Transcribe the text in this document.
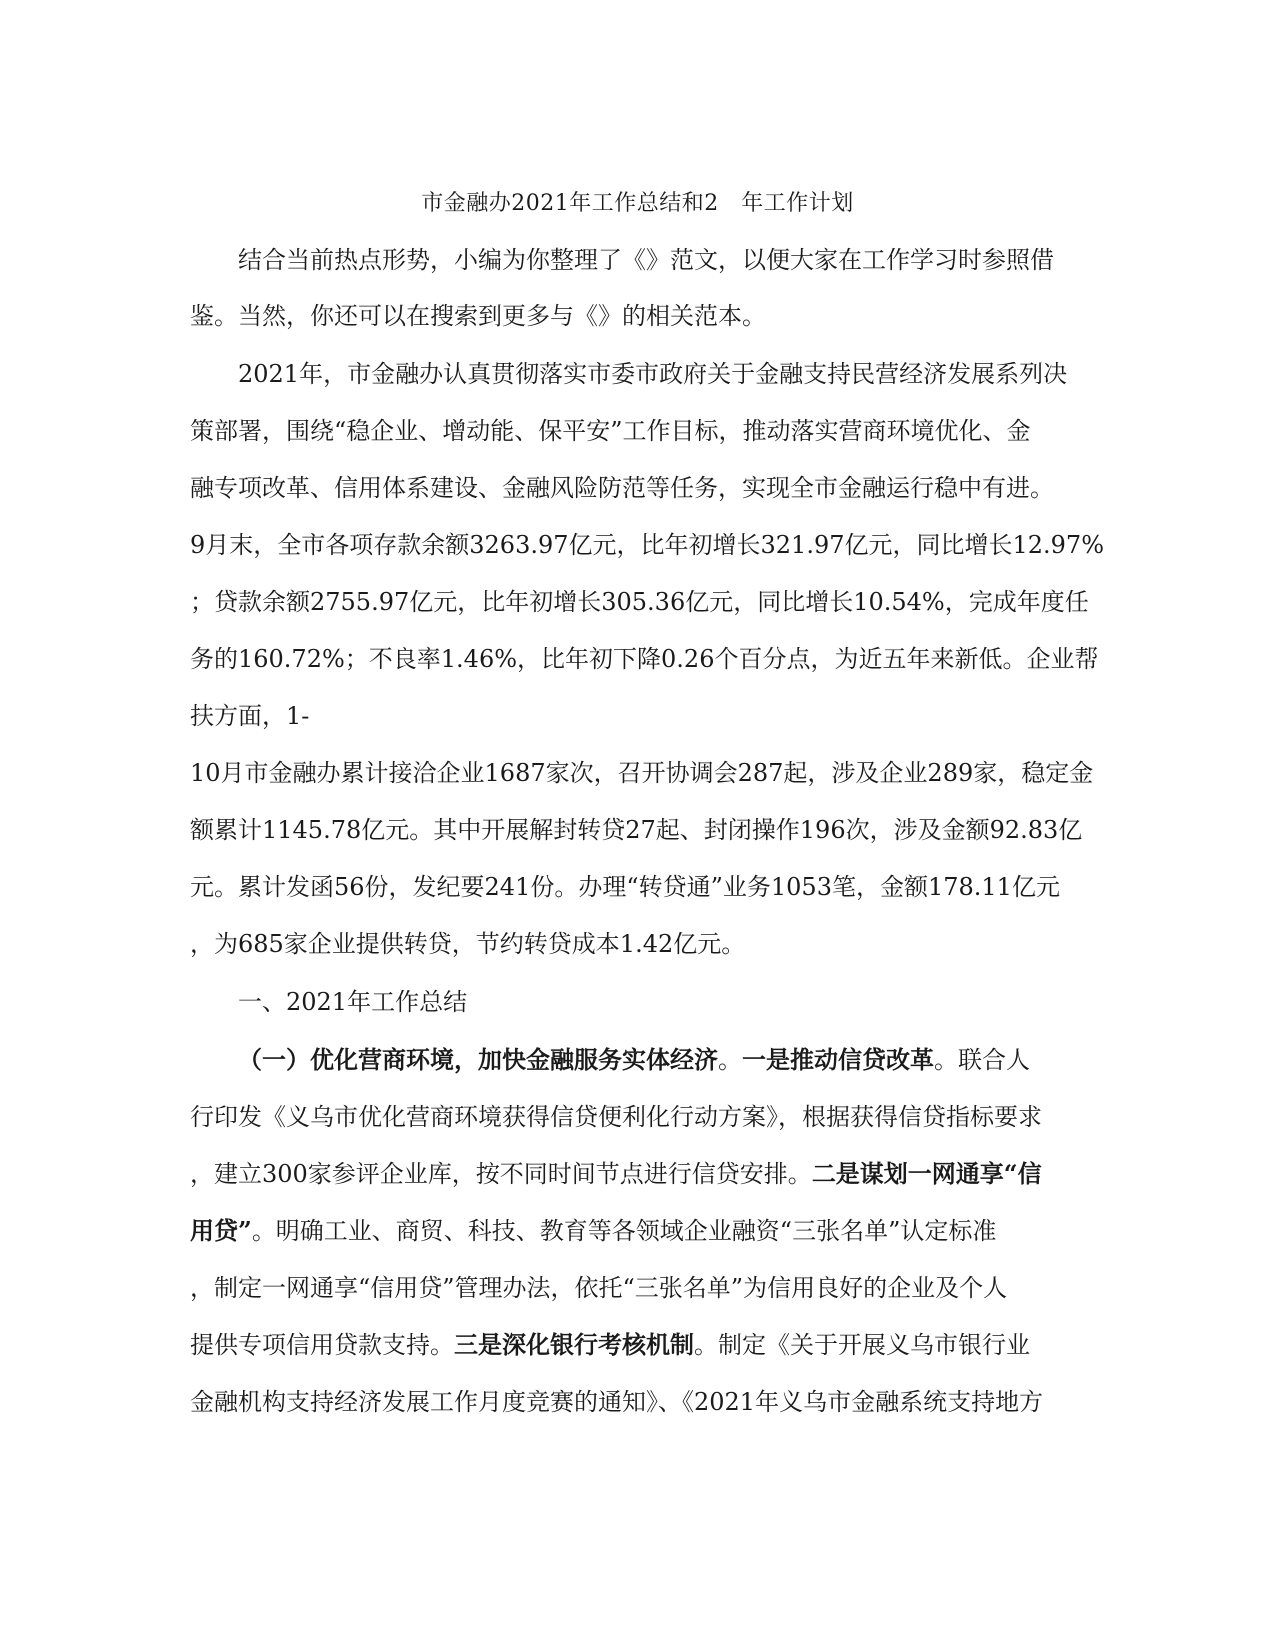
市金融办2021年工作总结和2　年工作计划
结合当前热点形势，小编为你整理了《》范文，以便大家在工作学习时参照借
鉴。当然，你还可以在搜索到更多与《》的相关范本。
2021年，市金融办认真贯彻落实市委市政府关于金融支持民营经济发展系列决
策部署，围绕“稳企业、增动能、保平安”工作目标，推动落实营商环境优化、金
融专项改革、信用体系建设、金融风险防范等任务，实现全市金融运行稳中有进。
9月末，全市各项存款余额3263.97亿元，比年初增长321.97亿元，同比增长12.97%
；贷款余额2755.97亿元，比年初增长305.36亿元，同比增长10.54%，完成年度任
务的160.72%；不良率1.46%，比年初下降0.26个百分点，为近五年来新低。企业帮
扶方面，1-
10月市金融办累计接洽企业1687家次，召开协调会287起，涉及企业289家，稳定金
额累计1145.78亿元。其中开展解封转贷27起、封闭操作196次，涉及金额92.83亿
元。累计发函56份，发纪要241份。办理“转贷通”业务1053笔，金额178.11亿元
，为685家企业提供转贷，节约转贷成本1.42亿元。
一、2021年工作总结
（一）优化营商环境，加快金融服务实体经济。一是推动信贷改革。联合人
行印发《义乌市优化营商环境获得信贷便利化行动方案》，根据获得信贷指标要求
，建立300家参评企业库，按不同时间节点进行信贷安排。二是谋划一网通享“信
用贷”。明确工业、商贸、科技、教育等各领域企业融资“三张名单”认定标准
，制定一网通享“信用贷”管理办法，依托“三张名单”为信用良好的企业及个人
提供专项信用贷款支持。三是深化银行考核机制。制定《关于开展义乌市银行业
金融机构支持经济发展工作月度竞赛的通知》、《2021年义乌市金融系统支持地方
